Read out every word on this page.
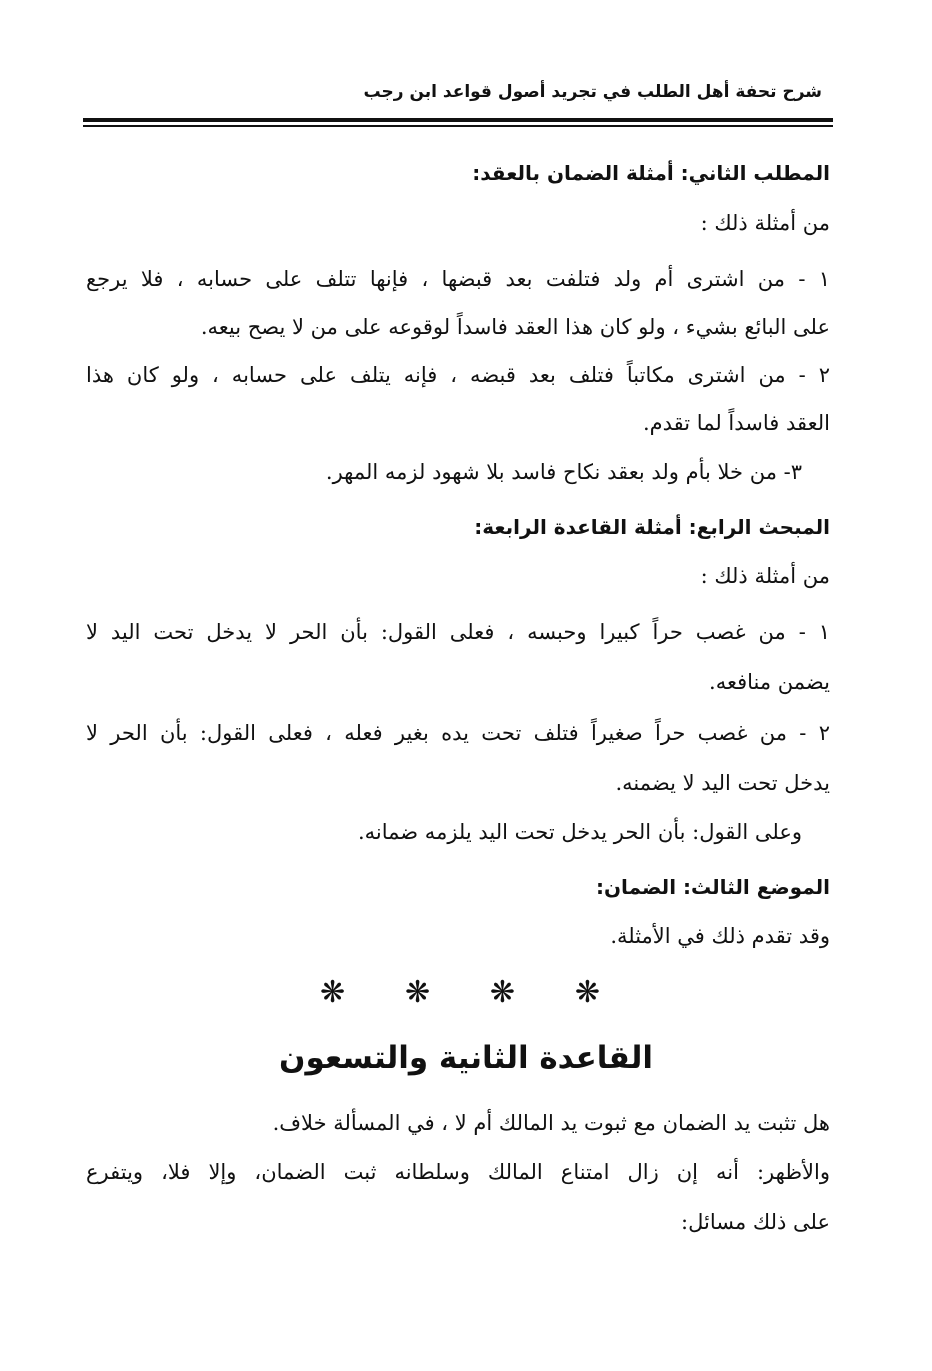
شرح تحفة أهل الطلب في تجريد أصول قواعد ابن رجب
المطلب الثاني: أمثلة الضمان بالعقد:
من أمثلة ذلك :
١ - من اشترى أم ولد فتلفت بعد قبضها ، فإنها تتلف على حسابه ، فلا يرجع
على البائع بشيء ، ولو كان هذا العقد فاسداً لوقوعه على من لا يصح بيعه.
٢ - من اشترى مكاتباً فتلف بعد قبضه ، فإنه يتلف على حسابه ، ولو كان هذا
العقد فاسداً لما تقدم.
٣- من خلا بأم ولد بعقد نكاح فاسد بلا شهود لزمه المهر.
المبحث الرابع: أمثلة القاعدة الرابعة:
من أمثلة ذلك :
١ - من غصب حراً كبيرا وحبسه ، فعلى القول: بأن الحر لا يدخل تحت اليد لا
يضمن منافعه.
٢ - من غصب حراً صغيراً فتلف تحت يده بغير فعله ، فعلى القول: بأن الحر لا
يدخل تحت اليد لا يضمنه.
وعلى القول: بأن الحر يدخل تحت اليد يلزمه ضمانه.
الموضع الثالث: الضمان:
وقد تقدم ذلك في الأمثلة.
هل تثبت يد الضمان مع ثبوت يد المالك أم لا ، في المسألة خلاف.
والأظهر: أنه إن زال امتناع المالك وسلطانه ثبت الضمان، وإلا فلا، ويتفرع
على ذلك مسائل:
❋ ❋ ❋ ❋
القاعدة الثانية والتسعون
